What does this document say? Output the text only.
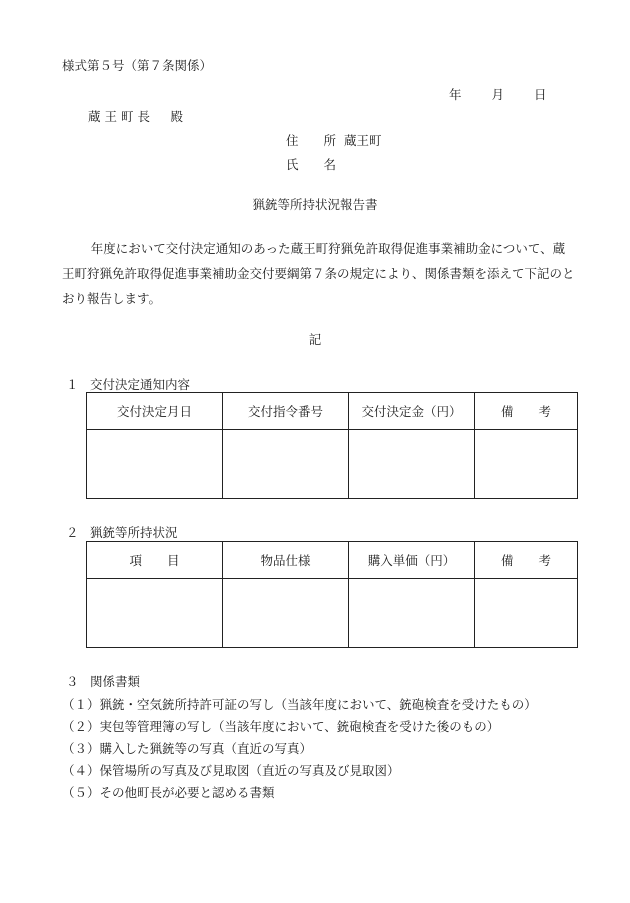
様式第５号（第７条関係）
年 月 日
蔵王町長　殿
住　　所 蔵王町
氏　　名
猟銃等所持状況報告書
年度において交付決定通知のあった蔵王町狩猟免許取得促進事業補助金について、蔵王町狩猟免許取得促進事業補助金交付要綱第７条の規定により、関係書類を添えて下記のとおり報告します。
記
１ 交付決定通知内容
交付決定月日	交付指令番号	交付決定金（円）	備　　考

２ 猟銃等所持状況
項　　目	物品仕様	購入単価（円）	備　　考

３ 関係書類
（１）猟銃・空気銃所持許可証の写し（当該年度において、銃砲検査を受けたもの）
（２）実包等管理簿の写し（当該年度において、銃砲検査を受けた後のもの）
（３）購入した猟銃等の写真（直近の写真）
（４）保管場所の写真及び見取図（直近の写真及び見取図）
（５）その他町長が必要と認める書類
